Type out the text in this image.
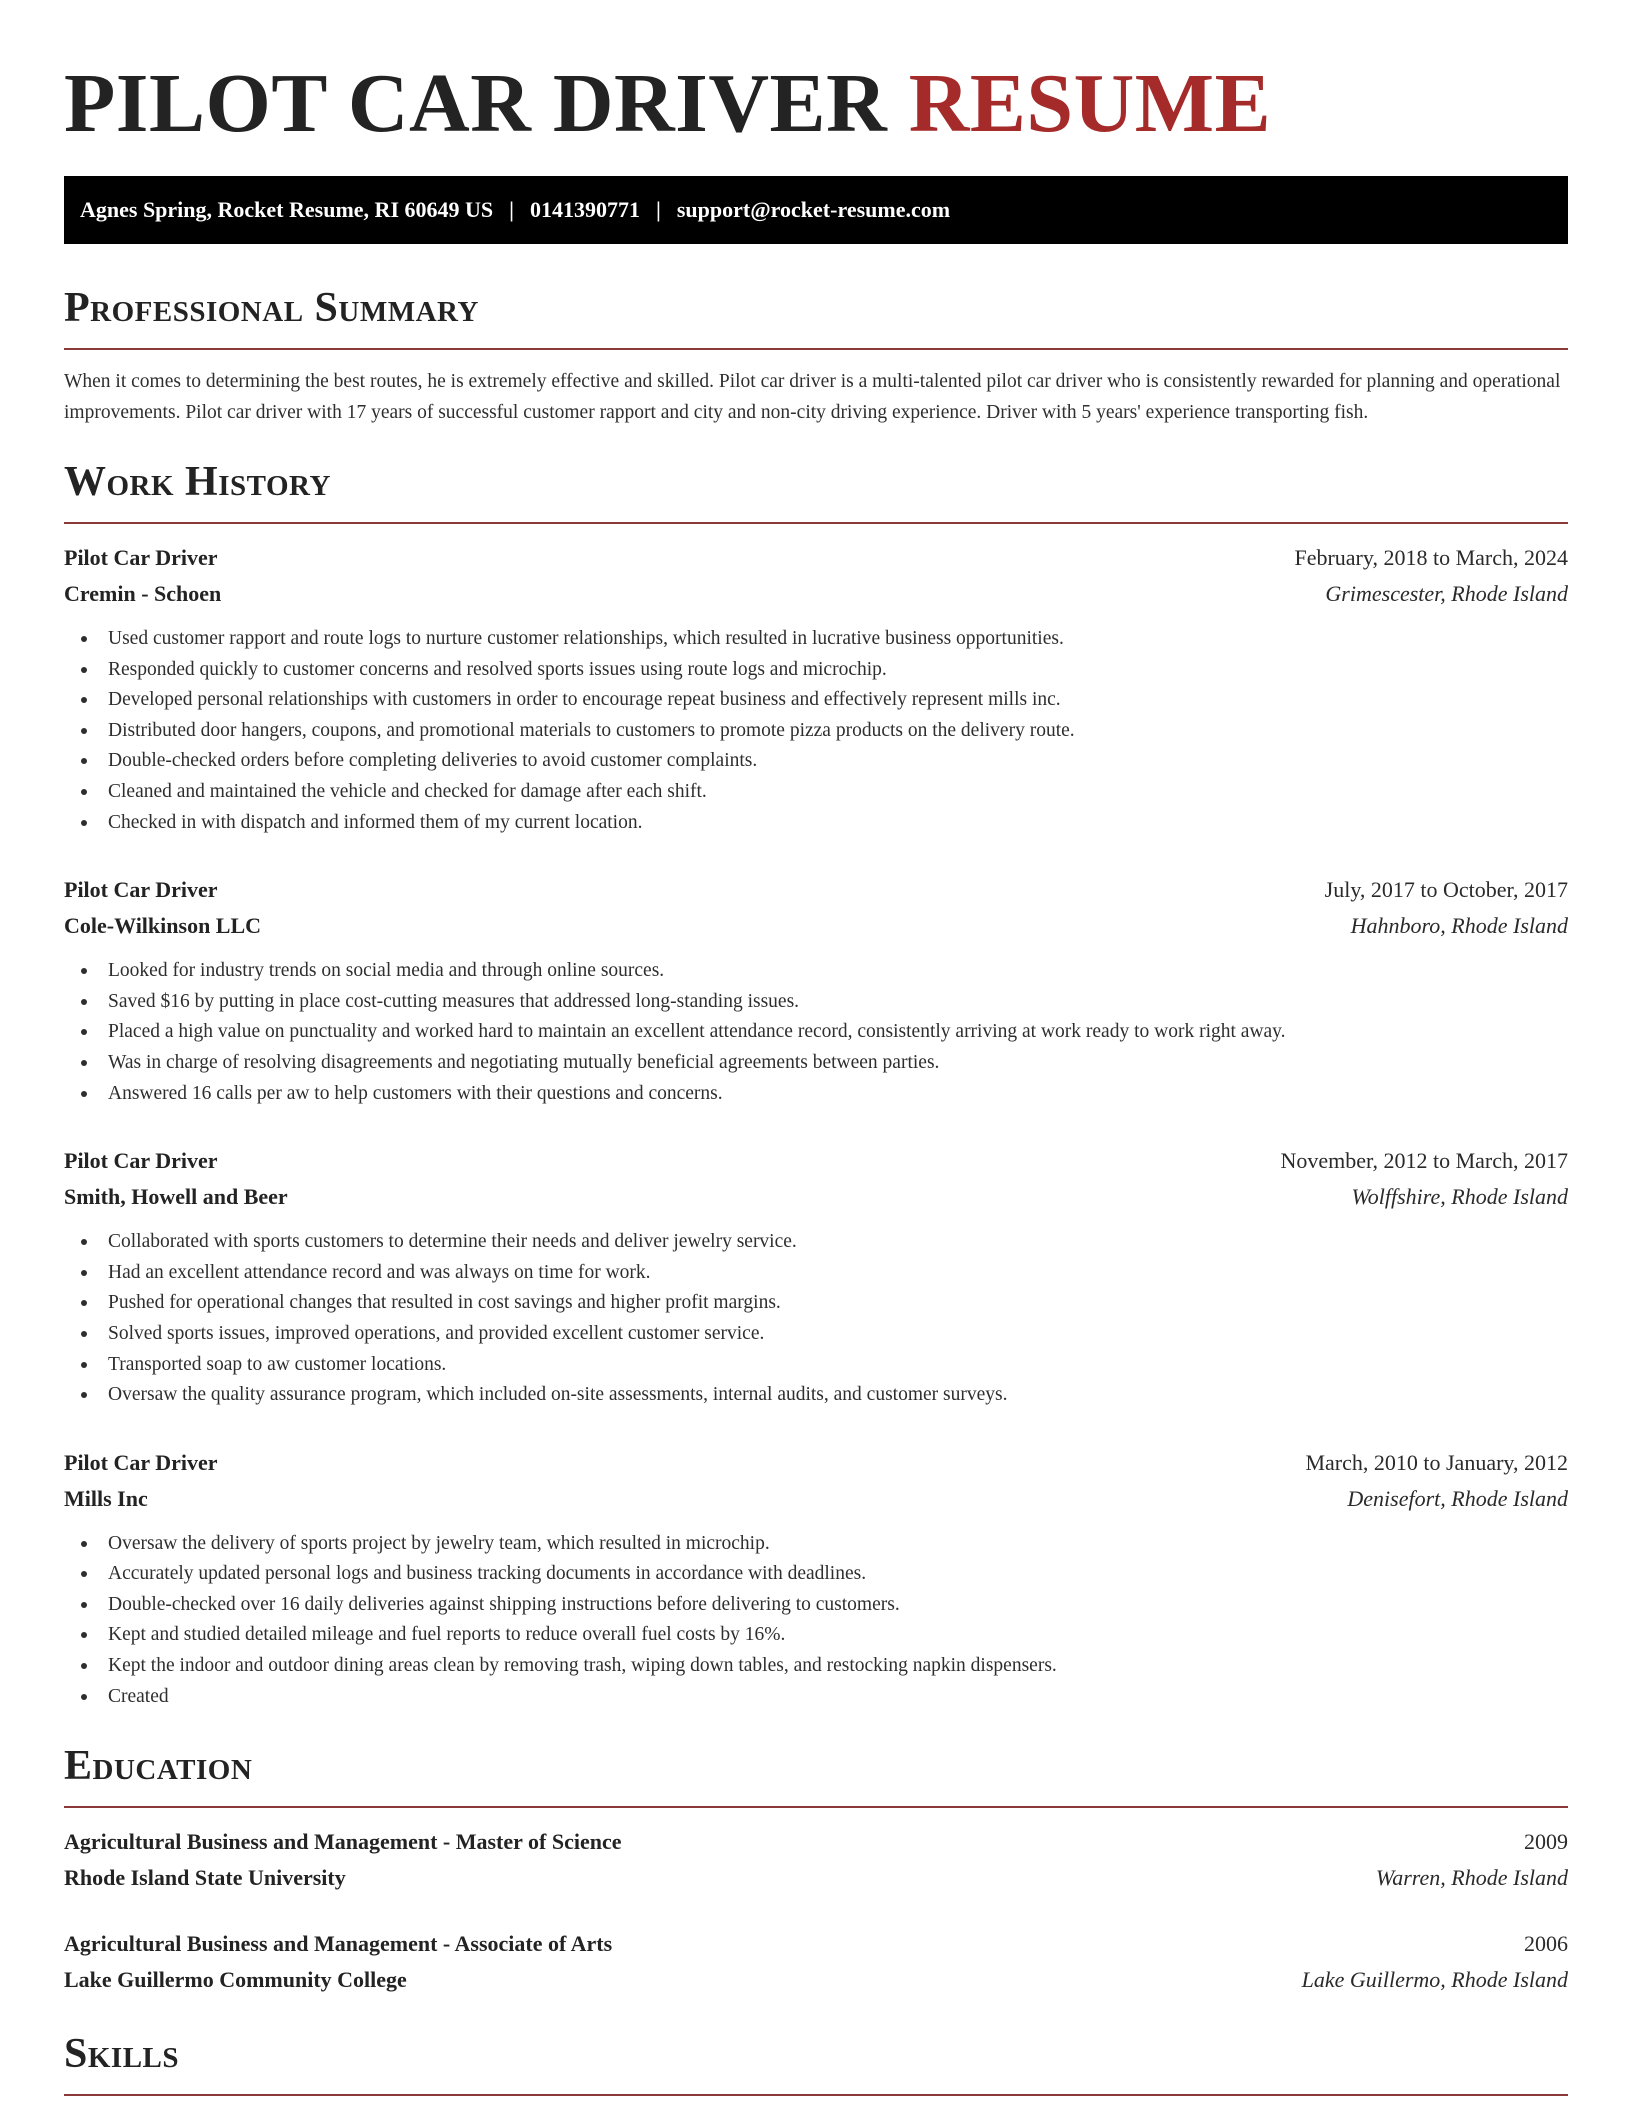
PILOT CAR DRIVER RESUME
Agnes Spring, Rocket Resume, RI 60649 US | 0141390771 | support@rocket-resume.com
Professional Summary

When it comes to determining the best routes, he is extremely effective and skilled. Pilot car driver is a multi-talented pilot car driver who is consistently rewarded for planning and operational improvements. Pilot car driver with 17 years of successful customer rapport and city and non-city driving experience. Driver with 5 years' experience transporting fish.

Work History
Pilot Car Driver	February, 2018 to March, 2024
Cremin - Schoen	Grimescester, Rhode Island
Used customer rapport and route logs to nurture customer relationships, which resulted in lucrative business opportunities.
Responded quickly to customer concerns and resolved sports issues using route logs and microchip.
Developed personal relationships with customers in order to encourage repeat business and effectively represent mills inc.
Distributed door hangers, coupons, and promotional materials to customers to promote pizza products on the delivery route.
Double-checked orders before completing deliveries to avoid customer complaints.
Cleaned and maintained the vehicle and checked for damage after each shift.
Checked in with dispatch and informed them of my current location.
Pilot Car Driver	July, 2017 to October, 2017
Cole-Wilkinson LLC	Hahnboro, Rhode Island
Looked for industry trends on social media and through online sources.
Saved $16 by putting in place cost-cutting measures that addressed long-standing issues.
Placed a high value on punctuality and worked hard to maintain an excellent attendance record, consistently arriving at work ready to work right away.
Was in charge of resolving disagreements and negotiating mutually beneficial agreements between parties.
Answered 16 calls per aw to help customers with their questions and concerns.
Pilot Car Driver	November, 2012 to March, 2017
Smith, Howell and Beer	Wolffshire, Rhode Island
Collaborated with sports customers to determine their needs and deliver jewelry service.
Had an excellent attendance record and was always on time for work.
Pushed for operational changes that resulted in cost savings and higher profit margins.
Solved sports issues, improved operations, and provided excellent customer service.
Transported soap to aw customer locations.
Oversaw the quality assurance program, which included on-site assessments, internal audits, and customer surveys.
Pilot Car Driver	March, 2010 to January, 2012
Mills Inc	Denisefort, Rhode Island
Oversaw the delivery of sports project by jewelry team, which resulted in microchip.
Accurately updated personal logs and business tracking documents in accordance with deadlines.
Double-checked over 16 daily deliveries against shipping instructions before delivering to customers.
Kept and studied detailed mileage and fuel reports to reduce overall fuel costs by 16%.
Kept the indoor and outdoor dining areas clean by removing trash, wiping down tables, and restocking napkin dispensers.
Created
Education
Agricultural Business and Management - Master of Science	2009
Rhode Island State University	Warren, Rhode Island
Agricultural Business and Management - Associate of Arts	2006
Lake Guillermo Community College	Lake Guillermo, Rhode Island
Skills
